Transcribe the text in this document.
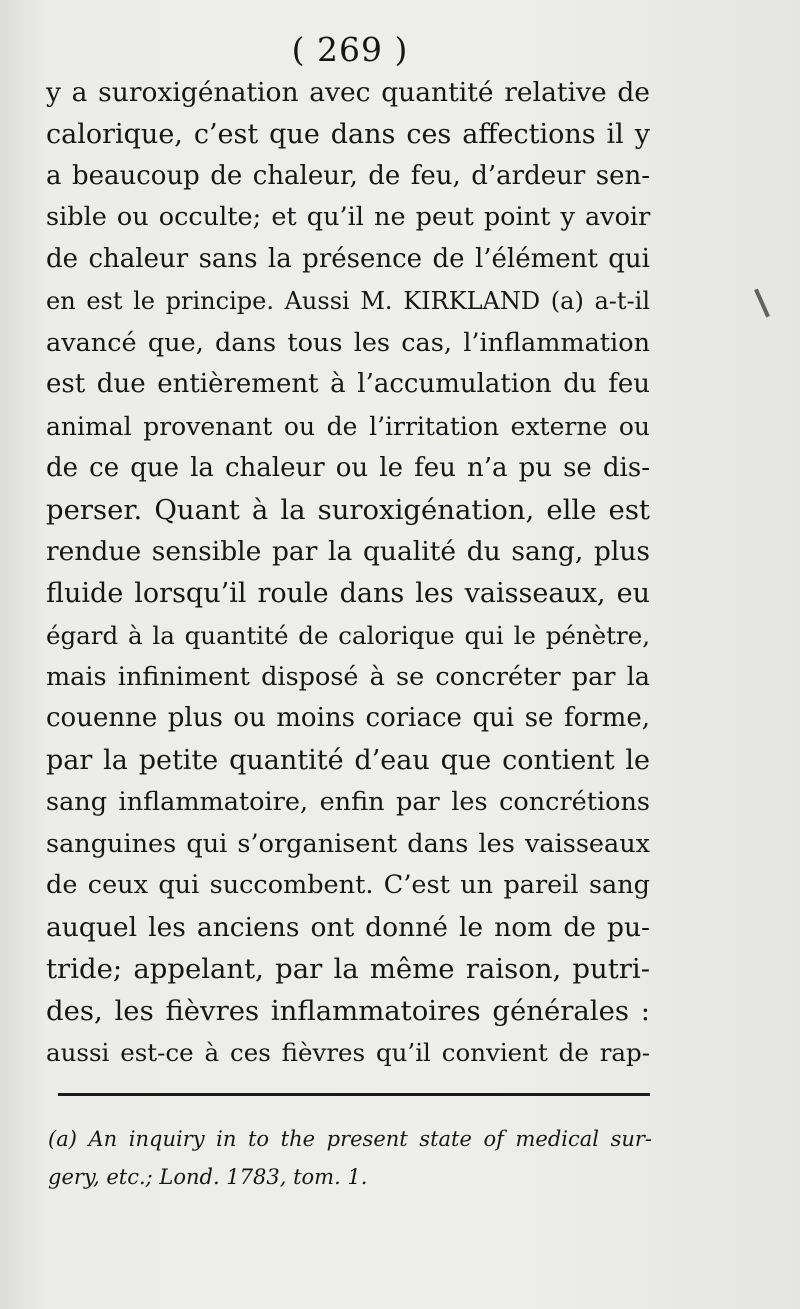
( 269 )
y a suroxigénation avec quantité relative de
calorique, c’est que dans ces affections il y
a beaucoup de chaleur, de feu, d’ardeur sen-
sible ou occulte; et qu’il ne peut point y avoir
de chaleur sans la présence de l’élément qui
en est le principe. Aussi M. KIRKLAND (a) a-t-il
avancé que, dans tous les cas, l’inflammation
est due entièrement à l’accumulation du feu
animal provenant ou de l’irritation externe ou
de ce que la chaleur ou le feu n’a pu se dis-
perser. Quant à la suroxigénation, elle est
rendue sensible par la qualité du sang, plus
fluide lorsqu’il roule dans les vaisseaux, eu
égard à la quantité de calorique qui le pénètre,
mais infiniment disposé à se concréter par la
couenne plus ou moins coriace qui se forme,
par la petite quantité d’eau que contient le
sang inflammatoire, enfin par les concrétions
sanguines qui s’organisent dans les vaisseaux
de ceux qui succombent. C’est un pareil sang
auquel les anciens ont donné le nom de pu-
tride; appelant, par la même raison, putri-
des, les fièvres inflammatoires générales :
aussi est-ce à ces fièvres qu’il convient de rap-
(a) An inquiry in to the present state of medical sur-
gery, etc.; Lond. 1783, tom. 1.
